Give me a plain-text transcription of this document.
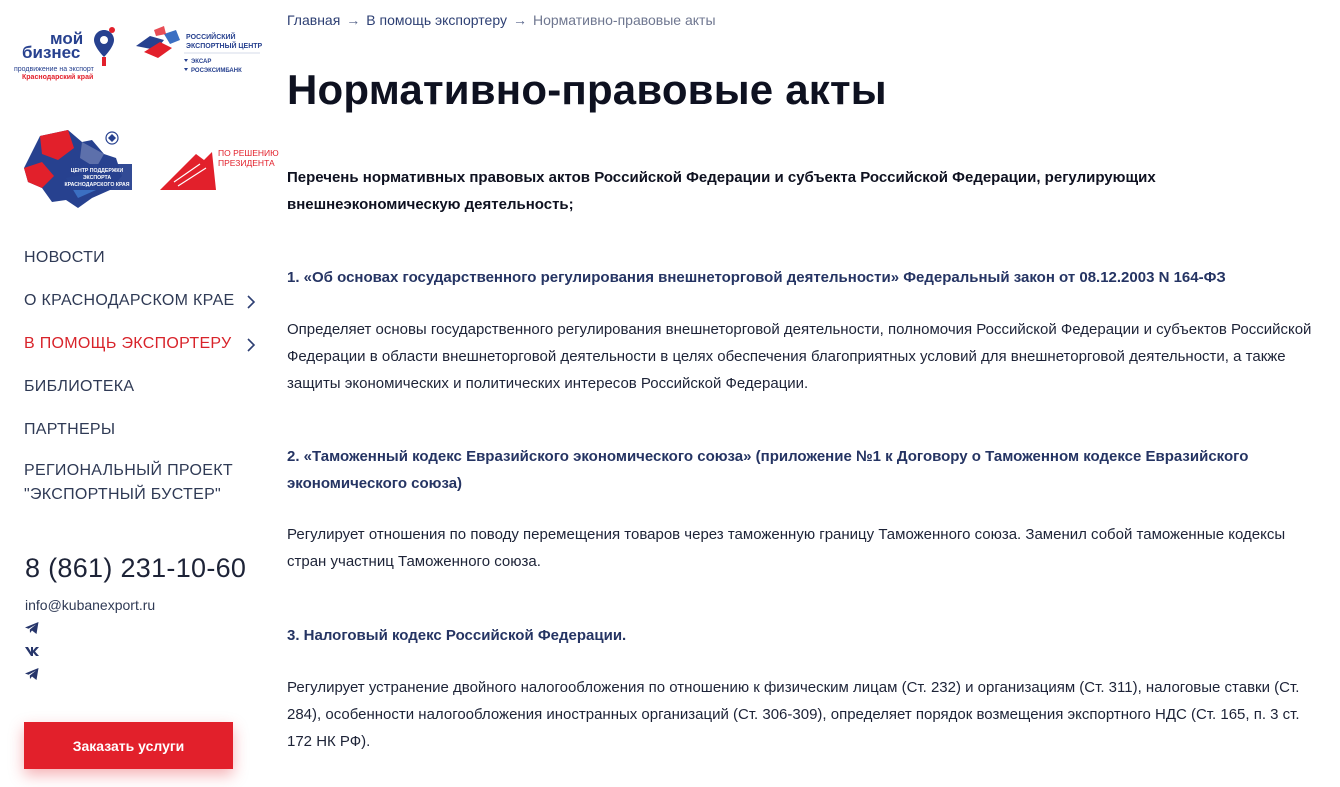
мой
бизнес
продвижение на экспорт
Краснодарский край
РОССИЙСКИЙ
ЭКСПОРТНЫЙ ЦЕНТР
ЭКСАР
РОСЭКСИМБАНК
ЦЕНТР ПОДДЕРЖКИ
ЭКСПОРТА
КРАСНОДАРСКОГО КРАЯ
ПО РЕШЕНИЮ
ПРЕЗИДЕНТА
НОВОСТИ
О КРАСНОДАРСКОМ КРАЕ
В ПОМОЩЬ ЭКСПОРТЕРУ
БИБЛИОТЕКА
ПАРТНЕРЫ
РЕГИОНАЛЬНЫЙ ПРОЕКТ "ЭКСПОРТНЫЙ БУСТЕР"
8 (861) 231-10-60
info@kubanexport.ru
Заказать услуги
Главная → В помощь экспортеру → Нормативно-правовые акты
Нормативно-правовые акты

Перечень нормативных правовых актов Российской Федерации и субъекта Российской Федерации, регулирующих внешнеэкономическую деятельность;

1. «Об основах государственного регулирования внешнеторговой деятельности» Федеральный закон от 08.12.2003 N 164-ФЗ

Определяет основы государственного регулирования внешнеторговой деятельности, полномочия Российской Федерации и субъектов Российской Федерации в области внешнеторговой деятельности в целях обеспечения благоприятных условий для внешнеторговой деятельности, а также защиты экономических и политических интересов Российской Федерации.

2. «Таможенный кодекс Евразийского экономического союза» (приложение №1 к Договору о Таможенном кодексе Евразийского экономического союза)

Регулирует отношения по поводу перемещения товаров через таможенную границу Таможенного союза. Заменил собой таможенные кодексы стран участниц Таможенного союза.

3. Налоговый кодекс Российской Федерации.

Регулирует устранение двойного налогообложения по отношению к физическим лицам (Ст. 232) и организациям (Ст. 311), налоговые ставки (Ст. 284), особенности налогообложения иностранных организаций (Ст. 306-309), определяет порядок возмещения экспортного НДС (Ст. 165, п. 3 ст. 172 НК РФ).
